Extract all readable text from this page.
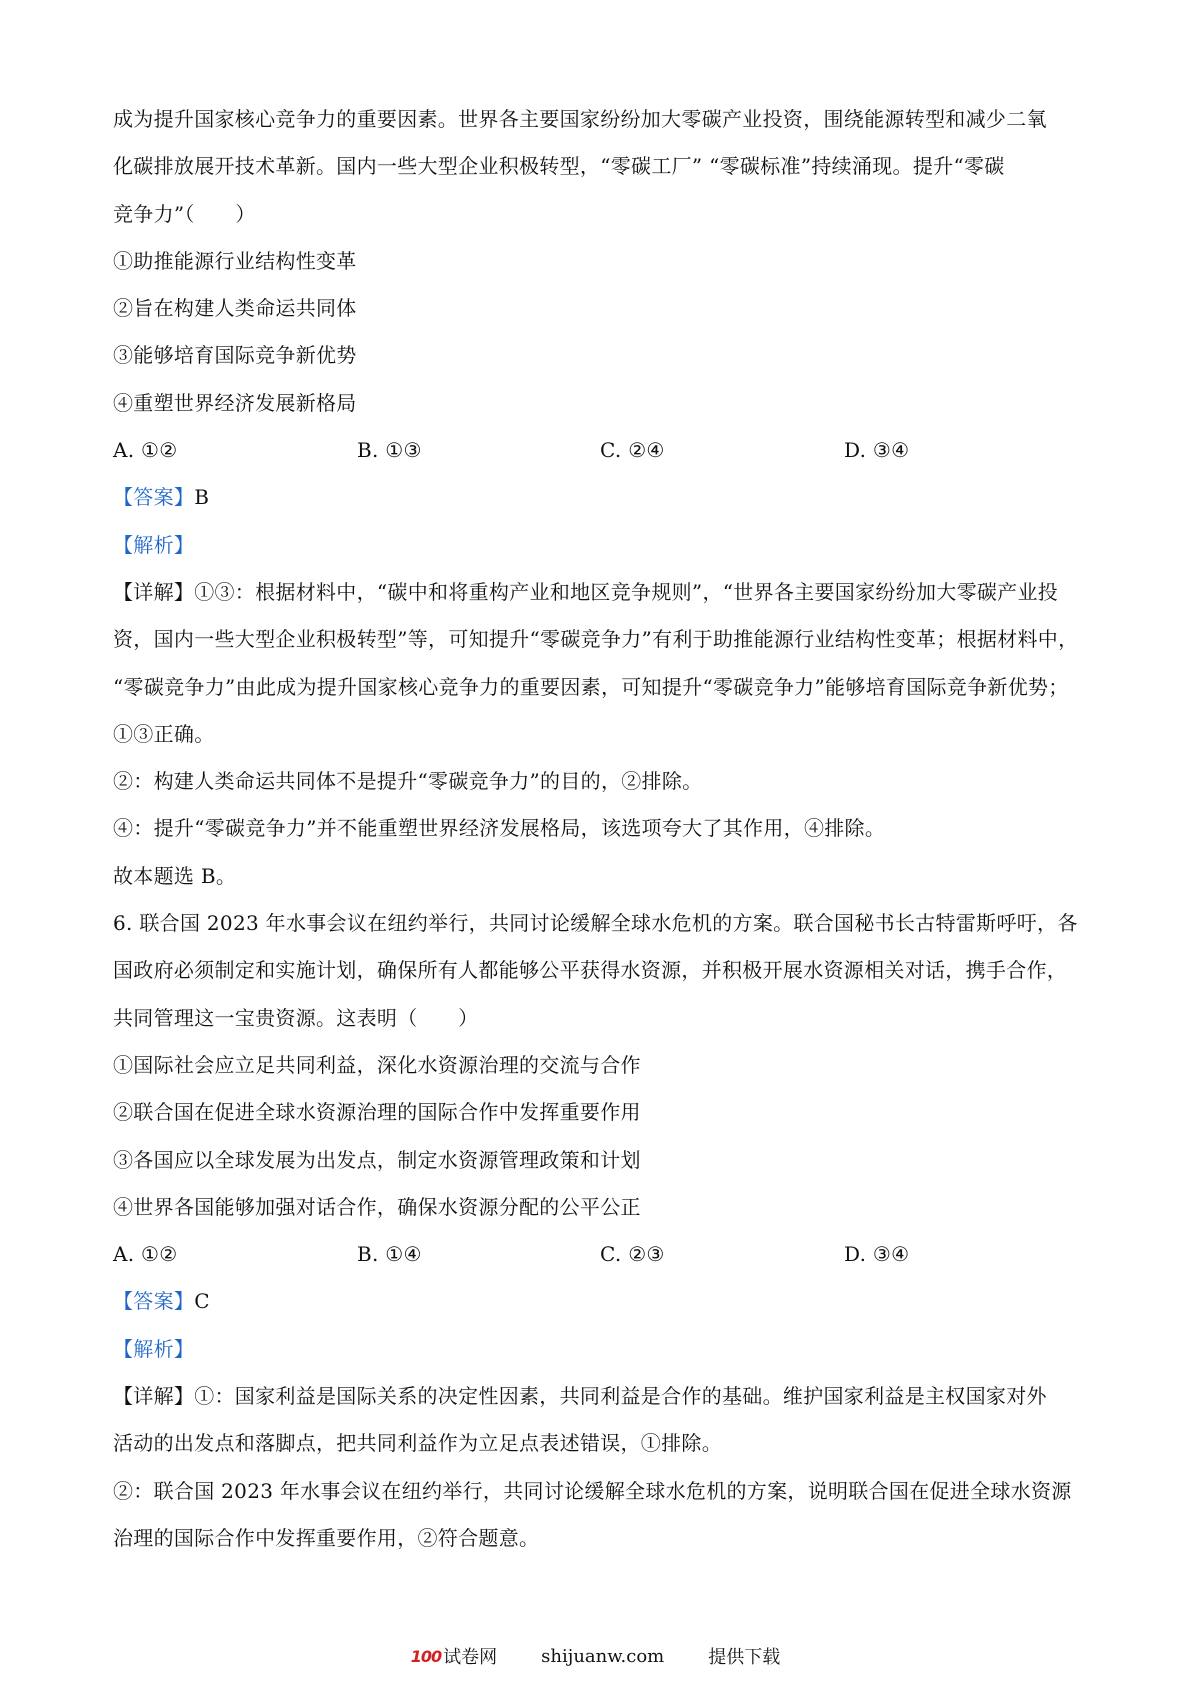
成为提升国家核心竞争力的重要因素。世界各主要国家纷纷加大零碳产业投资，围绕能源转型和减少二氧
化碳排放展开技术革新。国内一些大型企业积极转型，“零碳工厂” “零碳标准”持续涌现。提升“零碳
竞争力”（　　）
①助推能源行业结构性变革
②旨在构建人类命运共同体
③能够培育国际竞争新优势
④重塑世界经济发展新格局
A. ①②	B. ①③	C. ②④	D. ③④
【答案】B
【解析】
【详解】①③：根据材料中，“碳中和将重构产业和地区竞争规则”，“世界各主要国家纷纷加大零碳产业投
资，国内一些大型企业积极转型”等，可知提升“零碳竞争力”有利于助推能源行业结构性变革；根据材料中，
“零碳竞争力”由此成为提升国家核心竞争力的重要因素，可知提升“零碳竞争力”能够培育国际竞争新优势；
①③正确。
②：构建人类命运共同体不是提升“零碳竞争力”的目的，②排除。
④：提升“零碳竞争力”并不能重塑世界经济发展格局，该选项夸大了其作用，④排除。
故本题选 B。
6. 联合国 2023 年水事会议在纽约举行，共同讨论缓解全球水危机的方案。联合国秘书长古特雷斯呼吁，各
国政府必须制定和实施计划，确保所有人都能够公平获得水资源，并积极开展水资源相关对话，携手合作，
共同管理这一宝贵资源。这表明（　　）
①国际社会应立足共同利益，深化水资源治理的交流与合作
②联合国在促进全球水资源治理的国际合作中发挥重要作用
③各国应以全球发展为出发点，制定水资源管理政策和计划
④世界各国能够加强对话合作，确保水资源分配的公平公正
A. ①②	B. ①④	C. ②③	D. ③④
【答案】C
【解析】
【详解】①：国家利益是国际关系的决定性因素，共同利益是合作的基础。维护国家利益是主权国家对外
活动的出发点和落脚点，把共同利益作为立足点表述错误，①排除。
②：联合国 2023 年水事会议在纽约举行，共同讨论缓解全球水危机的方案，说明联合国在促进全球水资源
治理的国际合作中发挥重要作用，②符合题意。
100 试卷网 shijuanw.com 提供下载
